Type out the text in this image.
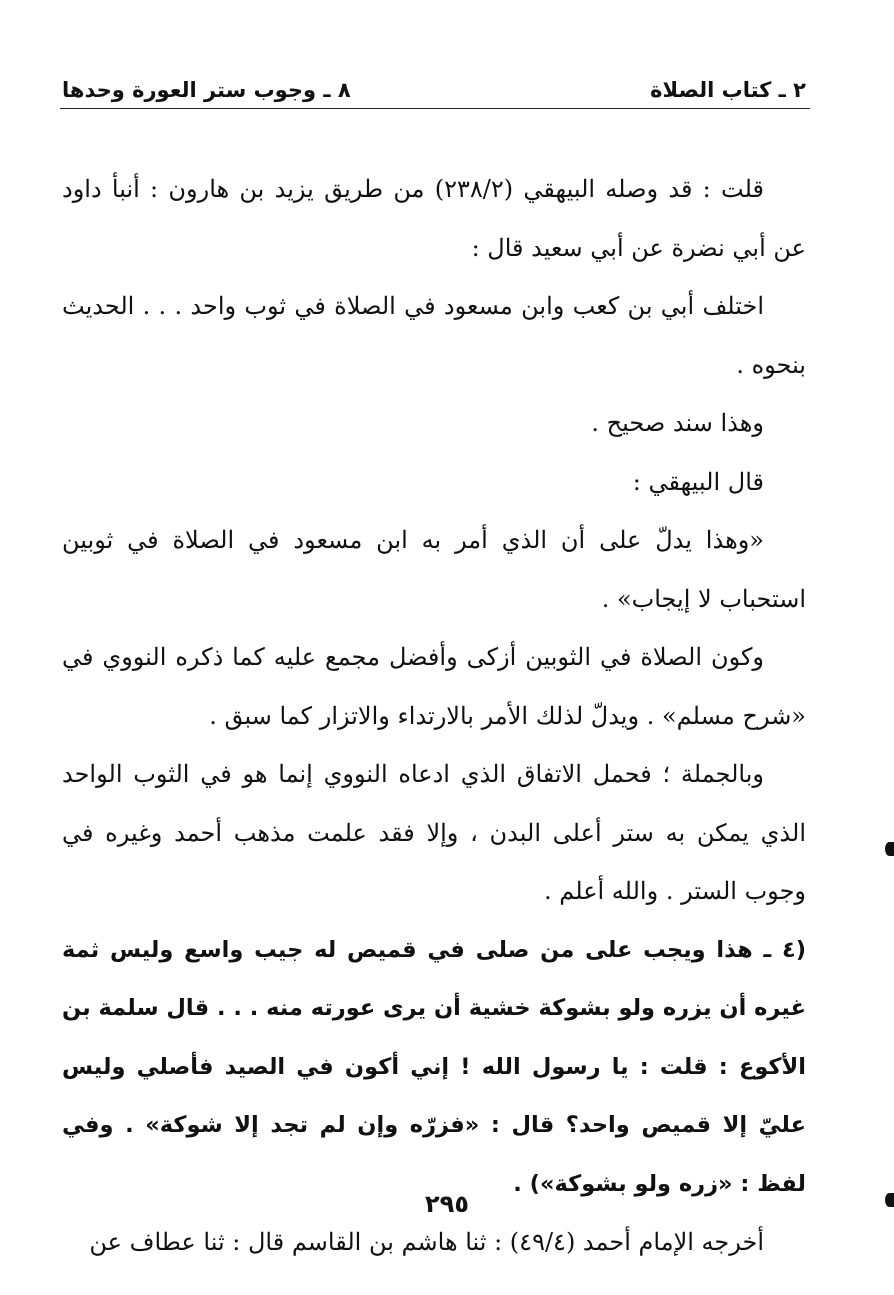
٢ ـ كتاب الصلاة
٨ ـ وجوب ستر العورة وحدها

قلت : قد وصله البيهقي (٢٣٨/٢) من طريق يزيد بن هارون : أنبأ داود عن أبي نضرة عن أبي سعيد قال :

اختلف أبي بن كعب وابن مسعود في الصلاة في ثوب واحد . . . الحديث بنحوه .

وهذا سند صحيح .

قال البيهقي :

«وهذا يدلّ على أن الذي أمر به ابن مسعود في الصلاة في ثوبين استحباب لا إيجاب» .

وكون الصلاة في الثوبين أزكى وأفضل مجمع عليه كما ذكره النووي في «شرح مسلم» . ويدلّ لذلك الأمر بالارتداء والاتزار كما سبق .

وبالجملة ؛ فحمل الاتفاق الذي ادعاه النووي إنما هو في الثوب الواحد الذي يمكن به ستر أعلى البدن ، وإلا فقد علمت مذهب أحمد وغيره في وجوب الستر . والله أعلم .

(٤ ـ هذا ويجب على من صلى في قميص له جيب واسع وليس ثمة غيره أن يزره ولو بشوكة خشية أن يرى عورته منه . . . قال سلمة بن الأكوع : قلت : يا رسول الله ! إني أكون في الصيد فأصلي وليس عليّ إلا قميص واحد؟ قال : «فزرّه وإن لم تجد إلا شوكة» . وفي لفظ : «زره ولو بشوكة») .

أخرجه الإمام أحمد (٤٩/٤) : ثنا هاشم بن القاسم قال : ثنا عطاف عن

٢٩٥
